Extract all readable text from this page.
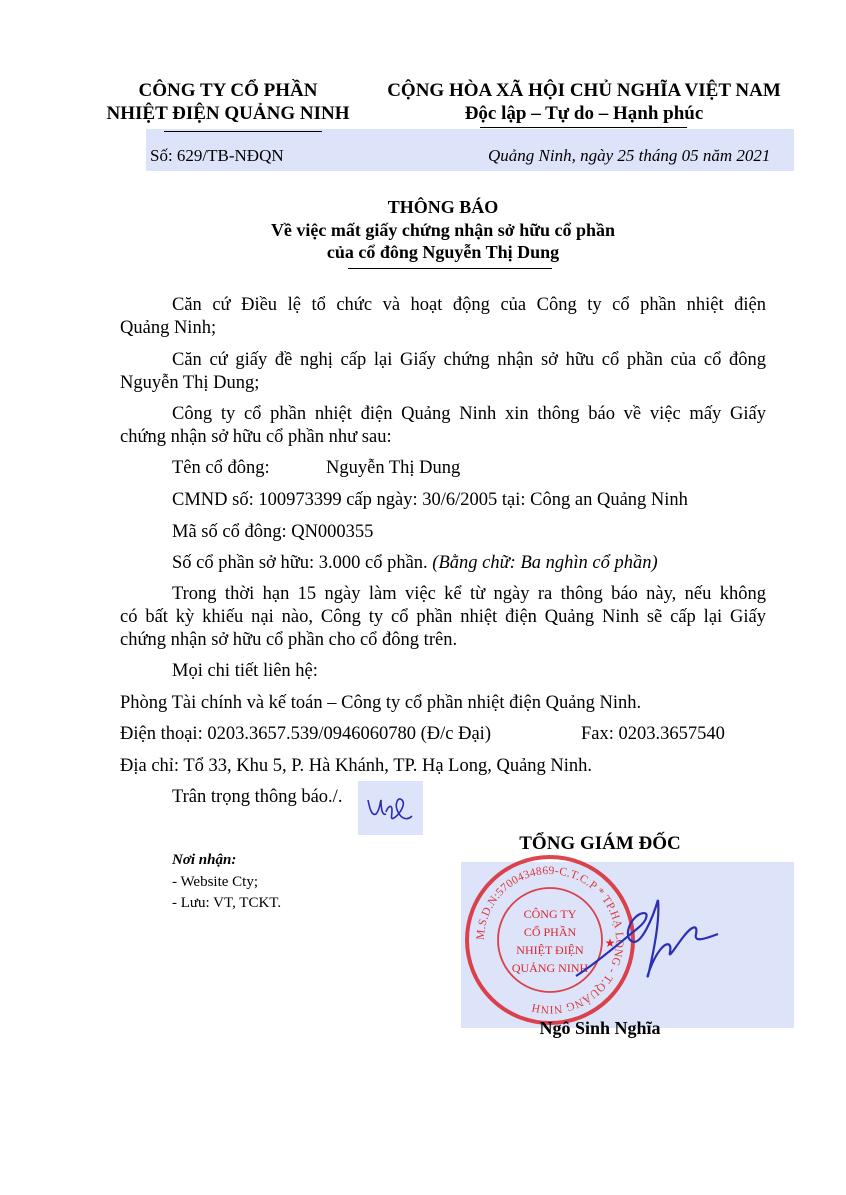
CÔNG TY CỔ PHẦN
NHIỆT ĐIỆN QUẢNG NINH
CỘNG HÒA XÃ HỘI CHỦ NGHĨA VIỆT NAM
Độc lập – Tự do – Hạnh phúc
Số: 629/TB-NĐQN	Quảng Ninh, ngày 25 tháng 05 năm 2021
THÔNG BÁO
Về việc mất giấy chứng nhận sở hữu cổ phần
của cổ đông Nguyễn Thị Dung
Căn cứ Điều lệ tổ chức và hoạt động của Công ty cổ phần nhiệt điện
Quảng Ninh;
Căn cứ giấy đề nghị cấp lại Giấy chứng nhận sở hữu cổ phần của cổ đông
Nguyễn Thị Dung;
Công ty cổ phần nhiệt điện Quảng Ninh xin thông báo về việc mấy Giấy
chứng nhận sở hữu cổ phần như sau:
Tên cổ đông:	Nguyễn Thị Dung
CMND số: 100973399 cấp ngày: 30/6/2005 tại: Công an Quảng Ninh
Mã số cổ đông: QN000355
Số cổ phần sở hữu: 3.000 cổ phần. (Bằng chữ: Ba nghìn cổ phần)
Trong thời hạn 15 ngày làm việc kể từ ngày ra thông báo này, nếu không
có bất kỳ khiếu nại nào, Công ty cổ phần nhiệt điện Quảng Ninh sẽ cấp lại Giấy
chứng nhận sở hữu cổ phần cho cổ đông trên.
Mọi chi tiết liên hệ:
Phòng Tài chính và kế toán – Công ty cổ phần nhiệt điện Quảng Ninh.
Điện thoại: 0203.3657.539/0946060780 (Đ/c Đại)	Fax: 0203.3657540
Địa chỉ: Tổ 33, Khu 5, P. Hà Khánh, TP. Hạ Long, Quảng Ninh.
Trân trọng thông báo./.
Nơi nhận:
- Website Cty;
- Lưu: VT, TCKT.
TỔNG GIÁM ĐỐC
M.S.D.N:5700434869-C.T.C.P * TP.HẠ LONG - T.QUẢNG NINH
CÔNG TY
CỔ PHẦN
NHIỆT ĐIỆN
QUẢNG NINH
★
Ngô Sinh Nghĩa
